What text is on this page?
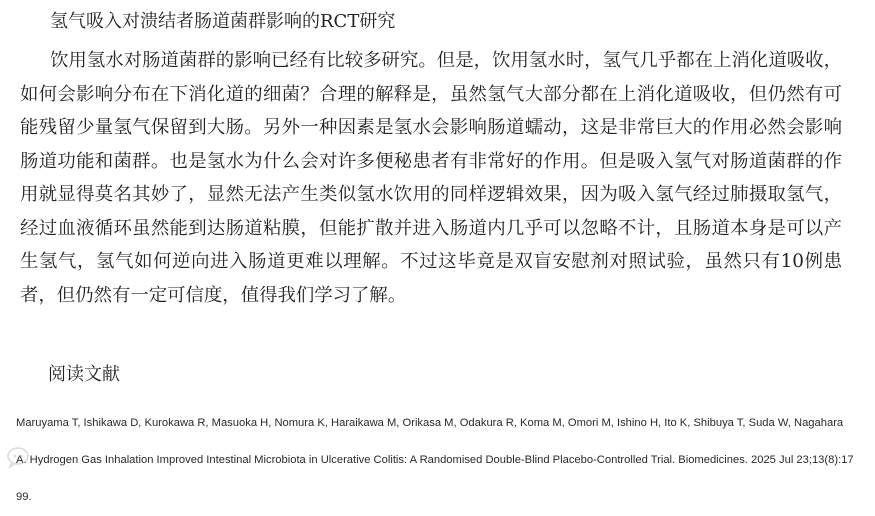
氢气吸入对溃结者肠道菌群影响的RCT研究
饮用氢水对肠道菌群的影响已经有比较多研究。但是，饮用氢水时，氢气几乎都在上消化道吸收，如何会影响分布在下消化道的细菌？合理的解释是，虽然氢气大部分都在上消化道吸收，但仍然有可能残留少量氢气保留到大肠。另外一种因素是氢水会影响肠道蠕动，这是非常巨大的作用必然会影响肠道功能和菌群。也是氢水为什么会对许多便秘患者有非常好的作用。但是吸入氢气对肠道菌群的作用就显得莫名其妙了，显然无法产生类似氢水饮用的同样逻辑效果，因为吸入氢气经过肺摄取氢气，经过血液循环虽然能到达肠道粘膜，但能扩散并进入肠道内几乎可以忽略不计，且肠道本身是可以产生氢气，氢气如何逆向进入肠道更难以理解。不过这毕竟是双盲安慰剂对照试验，虽然只有10例患者，但仍然有一定可信度，值得我们学习了解。
阅读文献
Maruyama T, Ishikawa D, Kurokawa R, Masuoka H, Nomura K, Haraikawa M, Orikasa M, Odakura R, Koma M, Omori M, Ishino H, Ito K, Shibuya T, Suda W, Nagahara A. Hydrogen Gas Inhalation Improved Intestinal Microbiota in Ulcerative Colitis: A Randomised Double-Blind Placebo-Controlled Trial. Biomedicines. 2025 Jul 23;13(8):1799.
